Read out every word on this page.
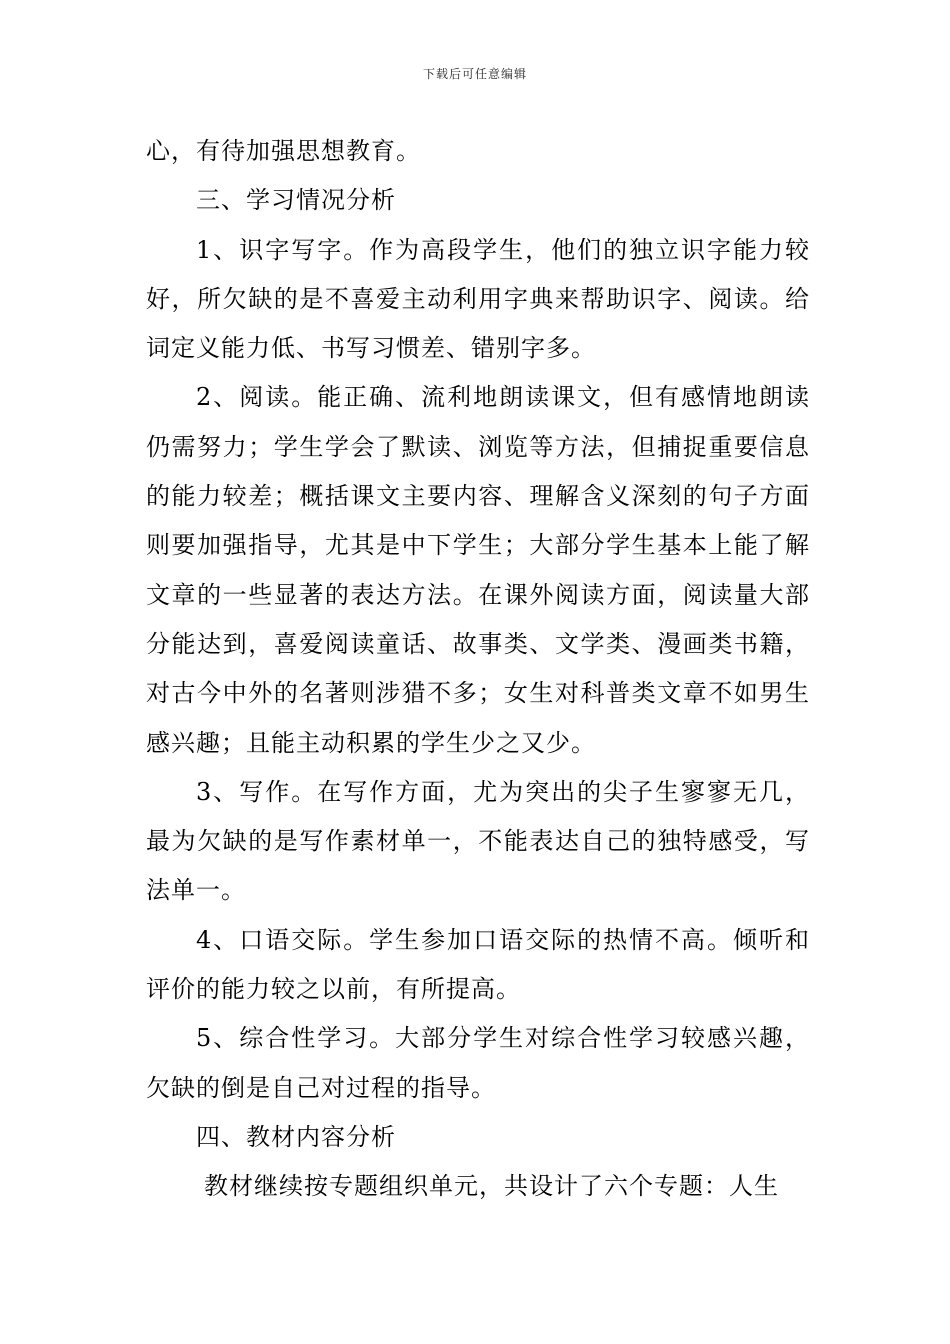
下载后可任意编辑

心，有待加强思想教育。

三、学习情况分析

1、识字写字。作为高段学生，他们的独立识字能力较好，所欠缺的是不喜爱主动利用字典来帮助识字、阅读。给词定义能力低、书写习惯差、错别字多。

2、阅读。能正确、流利地朗读课文，但有感情地朗读仍需努力；学生学会了默读、浏览等方法，但捕捉重要信息的能力较差；概括课文主要内容、理解含义深刻的句子方面则要加强指导，尤其是中下学生；大部分学生基本上能了解文章的一些显著的表达方法。在课外阅读方面，阅读量大部分能达到，喜爱阅读童话、故事类、文学类、漫画类书籍，对古今中外的名著则涉猎不多；女生对科普类文章不如男生感兴趣；且能主动积累的学生少之又少。

3、写作。在写作方面，尤为突出的尖子生寥寥无几，最为欠缺的是写作素材单一，不能表达自己的独特感受，写法单一。

4、口语交际。学生参加口语交际的热情不高。倾听和评价的能力较之以前，有所提高。

5、综合性学习。大部分学生对综合性学习较感兴趣，欠缺的倒是自己对过程的指导。

四、教材内容分析

教材继续按专题组织单元，共设计了六个专题：人生
